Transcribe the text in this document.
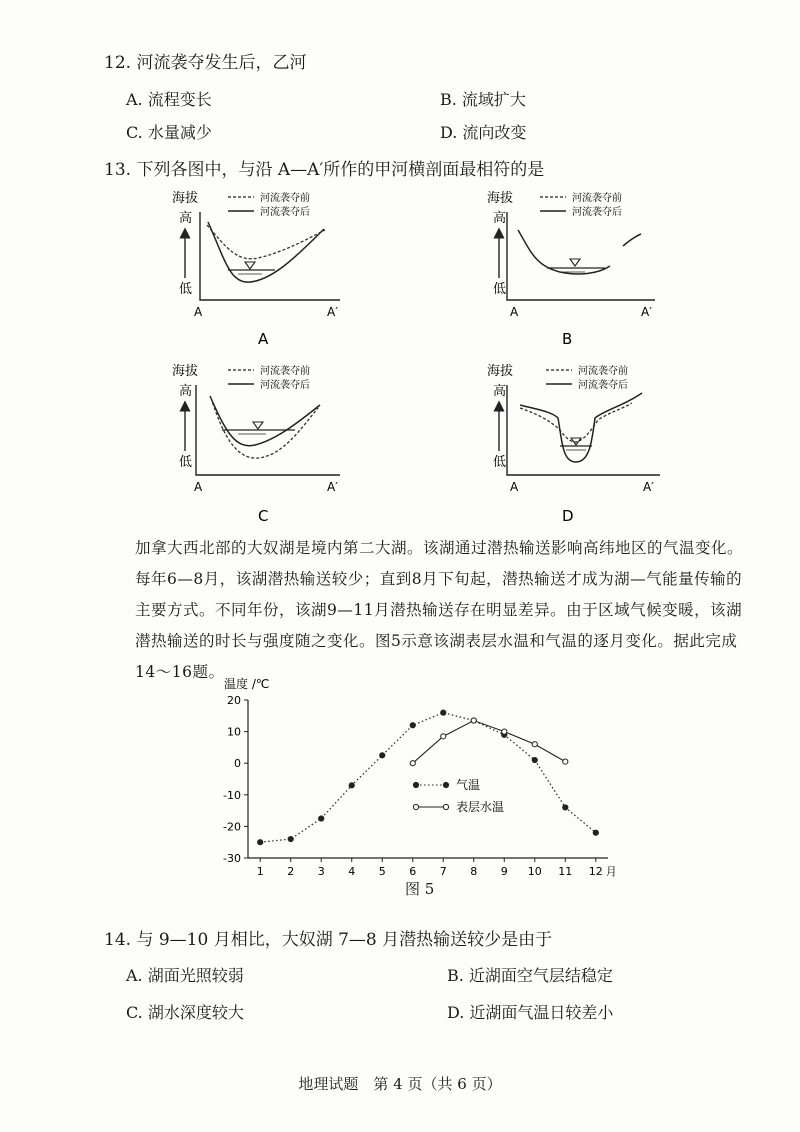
12. 河流袭夺发生后，乙河
A. 流程变长	B. 流域扩大
C. 水量减少	D. 流向改变
13. 下列各图中，与沿 A—A′所作的甲河横剖面最相符的是
海拔
高
低
A	A′
河流袭夺前
河流袭夺后
A
海拔
高
低
A	A′
河流袭夺前
河流袭夺后
B
海拔
高
低
A	A′
河流袭夺前
河流袭夺后
C
海拔
高
低
A	A′
河流袭夺前
河流袭夺后
D

加拿大西北部的大奴湖是境内第二大湖。该湖通过潜热输送影响高纬地区的气温变化。每年6—8月，该湖潜热输送较少；直到8月下旬起，潜热输送才成为湖—气能量传输的主要方式。不同年份，该湖9—11月潜热输送存在明显差异。由于区域气候变暖，该湖潜热输送的时长与强度随之变化。图5示意该湖表层水温和气温的逐月变化。据此完成14～16题。

温度 /℃
20
10
0
-10
-20
-30
1 2 3 4 5 6 7 8 9 10 11 12 月
气温
表层水温
图 5
14. 与 9—10 月相比，大奴湖 7—8 月潜热输送较少是由于
A. 湖面光照较弱	B. 近湖面空气层结稳定
C. 湖水深度较大	D. 近湖面气温日较差小
地理试题　第 4 页（共 6 页）
